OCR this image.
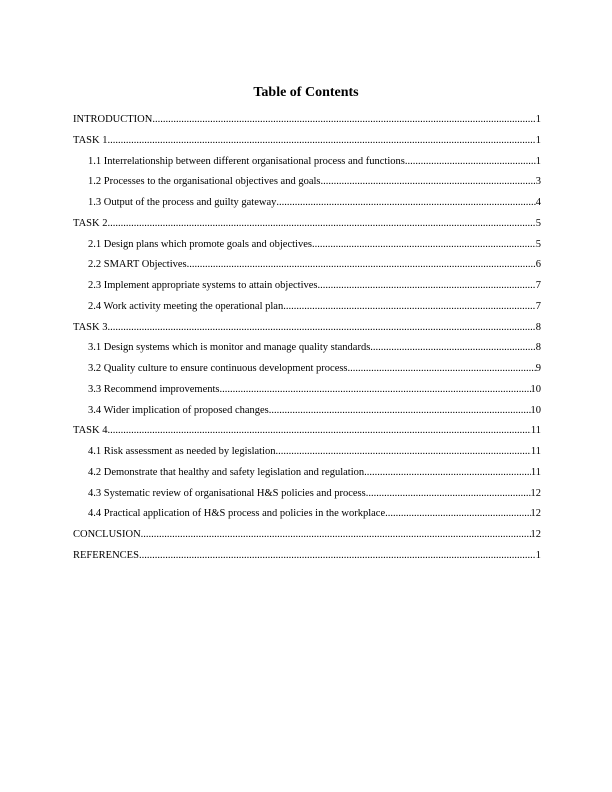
Table of Contents
INTRODUCTION .....	1
TASK 1 .....	1
1.1 Interrelationship between different organisational process and functions .....	1
1.2 Processes to the organisational objectives and goals .....	3
1.3 Output of the process and guilty gateway .....	4
TASK 2 .....	5
2.1 Design plans which promote goals and objectives .....	5
2.2 SMART Objectives .....	6
2.3 Implement appropriate systems to attain objectives .....	7
2.4 Work activity meeting the operational plan .....	7
TASK 3 .....	8
3.1 Design systems which is monitor and manage quality standards .....	8
3.2 Quality culture to ensure continuous development process .....	9
3.3 Recommend improvements .....	10
3.4 Wider implication of proposed changes .....	10
TASK 4 .....	11
4.1 Risk assessment as needed by legislation .....	11
4.2 Demonstrate that healthy and safety legislation and regulation .....	11
4.3 Systematic review of organisational H&S policies and process .....	12
4.4 Practical application of H&S process and policies in the workplace .....	12
CONCLUSION .....	12
REFERENCES .....	1
